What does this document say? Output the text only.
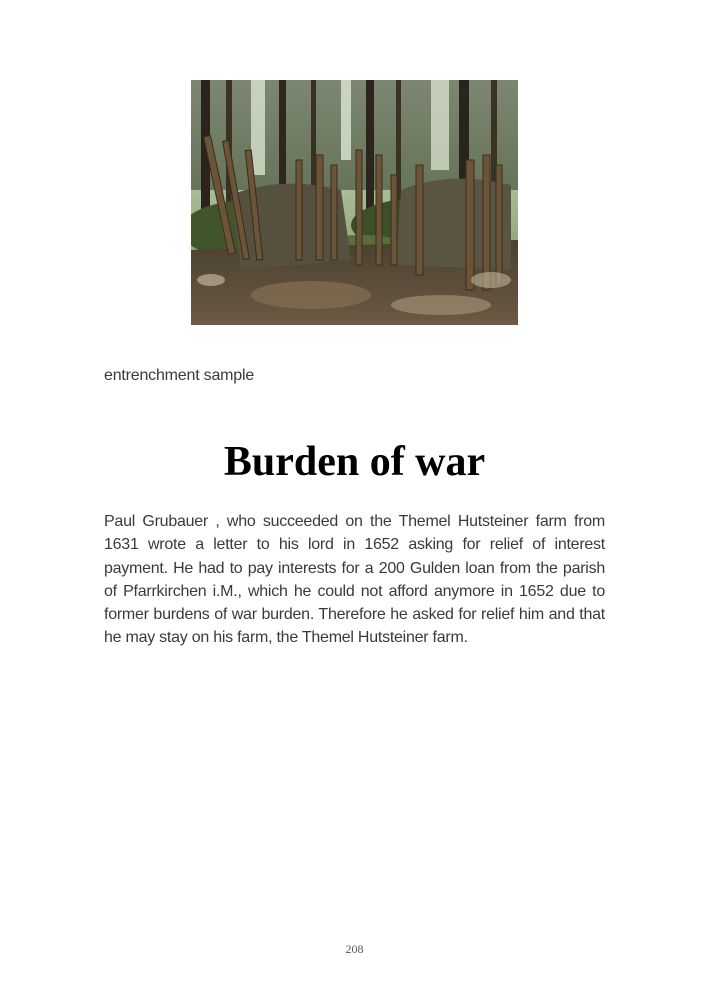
entrenchment sample
Burden of war

Paul Grubauer , who succeeded on the Themel Hutsteiner farm from 1631 wrote a letter to his lord in 1652 asking for relief of interest payment. He had to pay interests for a 200 Gulden loan from the parish of Pfarrkirchen i.M., which he could not afford anymore in 1652 due to former burdens of war burden. Therefore he asked for relief him and that he may stay on his farm, the Themel Hutsteiner farm.

208
